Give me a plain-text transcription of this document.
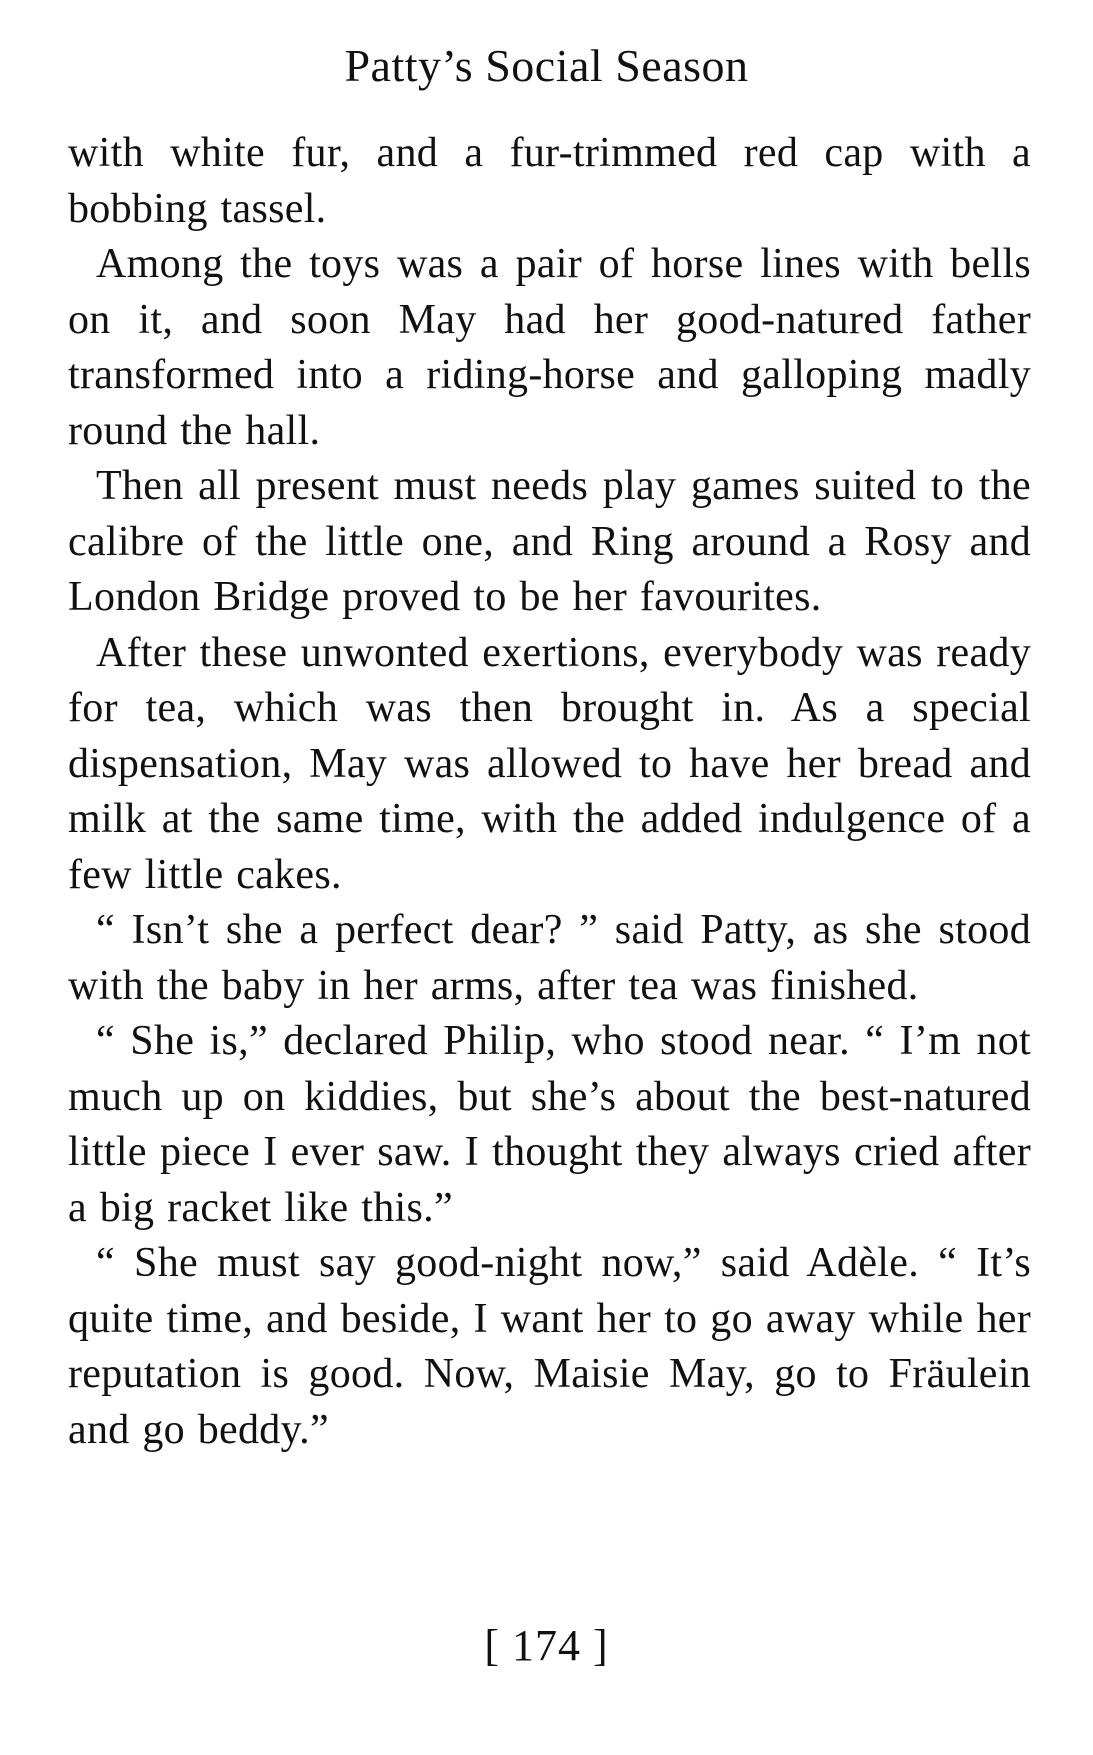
Patty’s Social Season

with white fur, and a fur-trimmed red cap with a bobbing tassel.

Among the toys was a pair of horse lines with bells on it, and soon May had her good-natured father transformed into a riding-horse and galloping madly round the hall.

Then all present must needs play games suited to the calibre of the little one, and Ring around a Rosy and London Bridge proved to be her favourites.

After these unwonted exertions, everybody was ready for tea, which was then brought in. As a special dispensation, May was allowed to have her bread and milk at the same time, with the added indulgence of a few little cakes.

“ Isn’t she a perfect dear? ” said Patty, as she stood with the baby in her arms, after tea was finished.

“ She is,” declared Philip, who stood near. “ I’m not much up on kiddies, but she’s about the best-natured little piece I ever saw. I thought they always cried after a big racket like this.”

“ She must say good-night now,” said Adèle. “ It’s quite time, and beside, I want her to go away while her reputation is good. Now, Maisie May, go to Fräulein and go beddy.”

[ 174 ]
